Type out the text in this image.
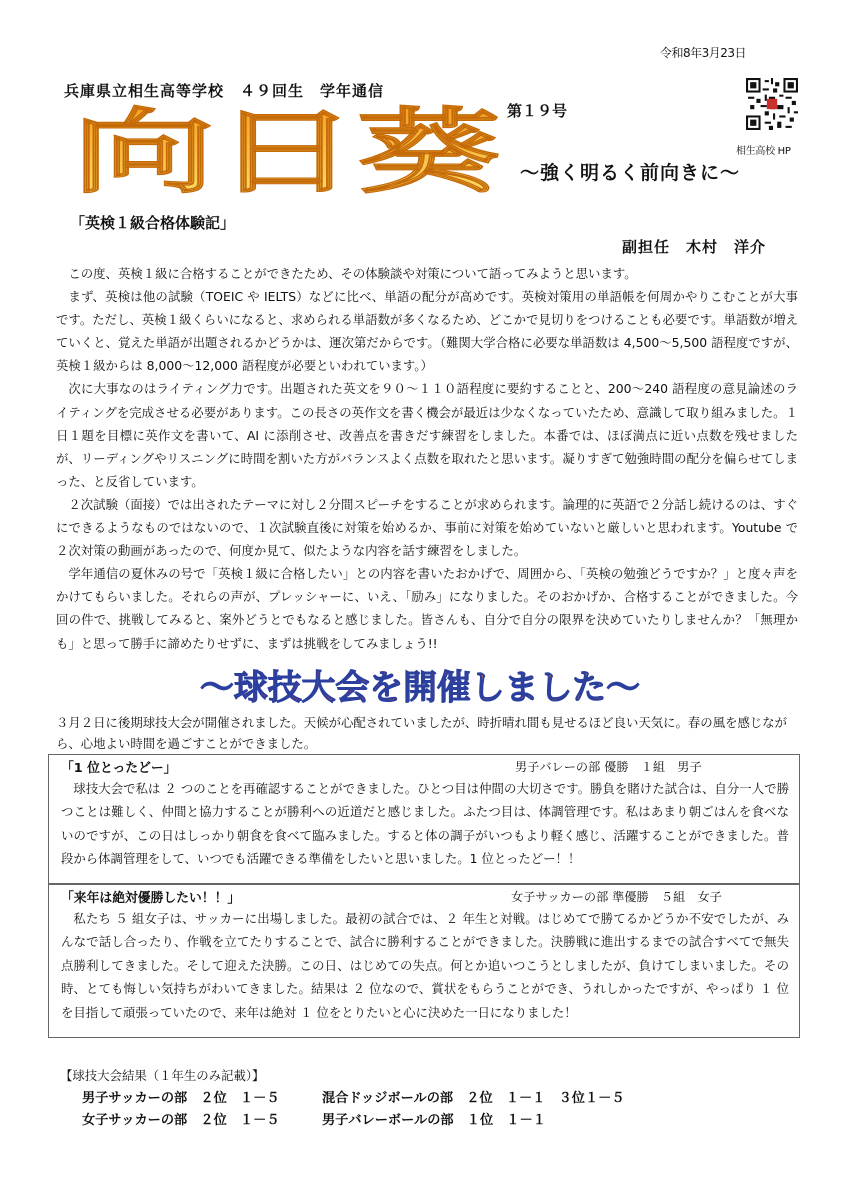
令和8年3月23日
兵庫県立相生高等学校　４９回生　学年通信
第１９号
相生高校 HP
向日葵 ～強く明るく前向きに～
「英検１級合格体験記」
副担任　木村　洋介

この度、英検１級に合格することができたため、その体験談や対策について語ってみようと思います。

まず、英検は他の試験（TOEIC や IELTS）などに比べ、単語の配分が高めです。英検対策用の単語帳を何周かやりこむことが大事です。ただし、英検１級くらいになると、求められる単語数が多くなるため、どこかで見切りをつけることも必要です。単語数が増えていくと、覚えた単語が出題されるかどうかは、運次第だからです。（難関大学合格に必要な単語数は 4,500～5,500 語程度ですが、英検１級からは 8,000～12,000 語程度が必要といわれています。）

次に大事なのはライティング力です。出題された英文を９０～１１０語程度に要約することと、200～240 語程度の意見論述のライティングを完成させる必要があります。この長さの英作文を書く機会が最近は少なくなっていたため、意識して取り組みました。１日１題を目標に英作文を書いて、AI に添削させ、改善点を書きだす練習をしました。本番では、ほぼ満点に近い点数を残せましたが、リーディングやリスニングに時間を割いた方がバランスよく点数を取れたと思います。凝りすぎて勉強時間の配分を偏らせてしまった、と反省しています。

２次試験（面接）では出されたテーマに対し２分間スピーチをすることが求められます。論理的に英語で２分話し続けるのは、すぐにできるようなものではないので、１次試験直後に対策を始めるか、事前に対策を始めていないと厳しいと思われます。Youtube で２次対策の動画があったので、何度か見て、似たような内容を話す練習をしました。

学年通信の夏休みの号で「英検１級に合格したい」との内容を書いたおかげで、周囲から、「英検の勉強どうですか？」と度々声をかけてもらいました。それらの声が、プレッシャーに、いえ、「励み」になりました。そのおかげか、合格することができました。今回の件で、挑戦してみると、案外どうとでもなると感じました。皆さんも、自分で自分の限界を決めていたりしませんか？「無理かも」と思って勝手に諦めたりせずに、まずは挑戦をしてみましょう!!

～球技大会を開催しました～
３月２日に後期球技大会が開催されました。天候が心配されていましたが、時折晴れ間も見せるほど良い天気に。春の風を感じながら、心地よい時間を過ごすことができました。
「1 位とったどー」	男子バレーの部 優勝　１組　男子

球技大会で私は ２ つのことを再確認することができました。ひとつ目は仲間の大切さです。勝負を賭けた試合は、自分一人で勝つことは難しく、仲間と協力することが勝利への近道だと感じました。ふたつ目は、体調管理です。私はあまり朝ごはんを食べないのですが、この日はしっかり朝食を食べて臨みました。すると体の調子がいつもより軽く感じ、活躍することができました。普段から体調管理をして、いつでも活躍できる準備をしたいと思いました。1 位とったどー！！

「来年は絶対優勝したい！！」	女子サッカーの部 準優勝　５組　女子

私たち ５ 組女子は、サッカーに出場しました。最初の試合では、２ 年生と対戦。はじめてで勝てるかどうか不安でしたが、みんなで話し合ったり、作戦を立てたりすることで、試合に勝利することができました。決勝戦に進出するまでの試合すべてで無失点勝利してきました。そして迎えた決勝。この日、はじめての失点。何とか追いつこうとしましたが、負けてしまいました。その時、とても悔しい気持ちがわいてきました。結果は ２ 位なので、賞状をもらうことができ、うれしかったですが、やっぱり １ 位を目指して頑張っていたので、来年は絶対 １ 位をとりたいと心に決めた一日になりました！

【球技大会結果（１年生のみ記載）】
男子サッカーの部　２位　１－５	混合ドッジボールの部　２位　１－１　３位１－５
女子サッカーの部　２位　１－５	男子バレーボールの部　１位　１－１
